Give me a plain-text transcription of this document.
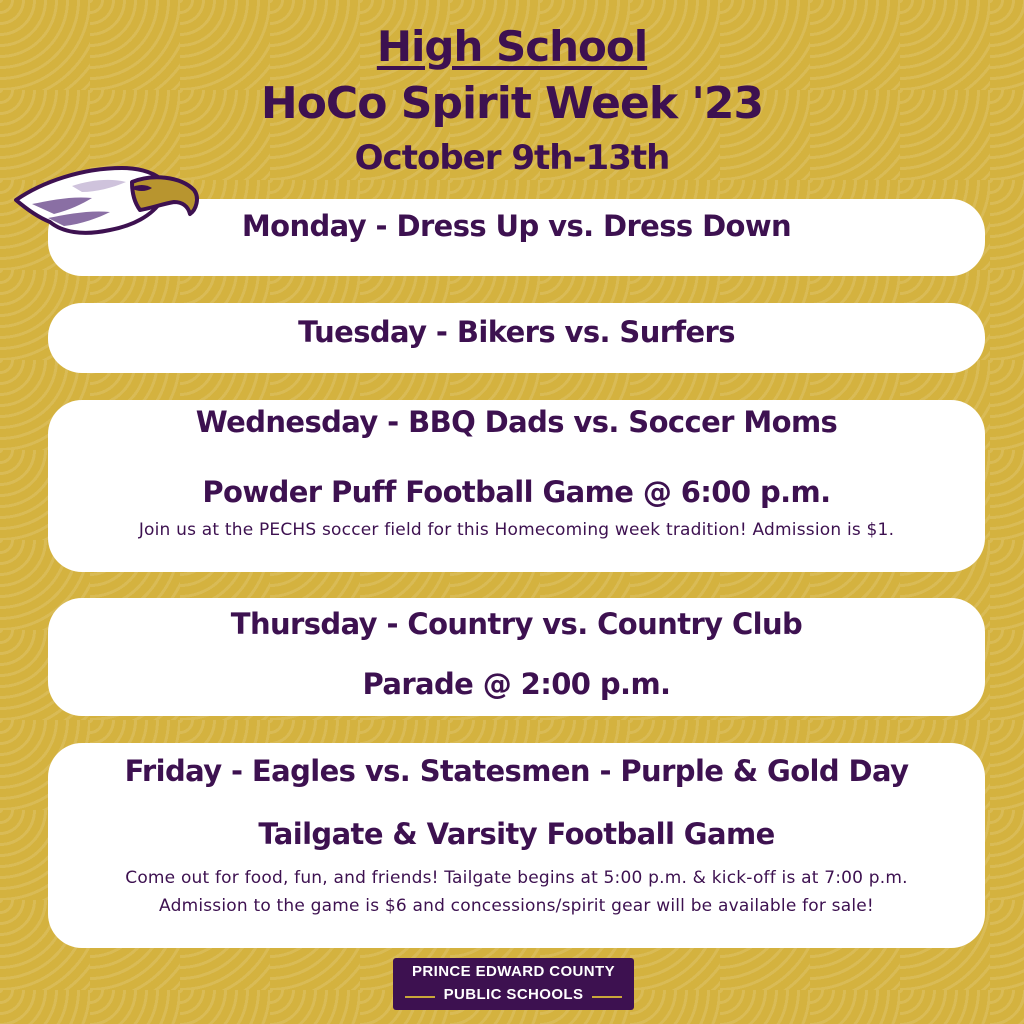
High School
HoCo Spirit Week '23
October 9th-13th
Monday - Dress Up vs. Dress Down
Tuesday - Bikers vs. Surfers
Wednesday - BBQ Dads vs. Soccer Moms
Powder Puff Football Game @ 6:00 p.m.
Join us at the PECHS soccer field for this Homecoming week tradition! Admission is $1.
Thursday - Country vs. Country Club
Parade @ 2:00 p.m.
Friday - Eagles vs. Statesmen - Purple & Gold Day
Tailgate & Varsity Football Game
Come out for food, fun, and friends! Tailgate begins at 5:00 p.m. & kick-off is at 7:00 p.m.
Admission to the game is $6 and concessions/spirit gear will be available for sale!
PRINCE EDWARD COUNTY
PUBLIC SCHOOLS
